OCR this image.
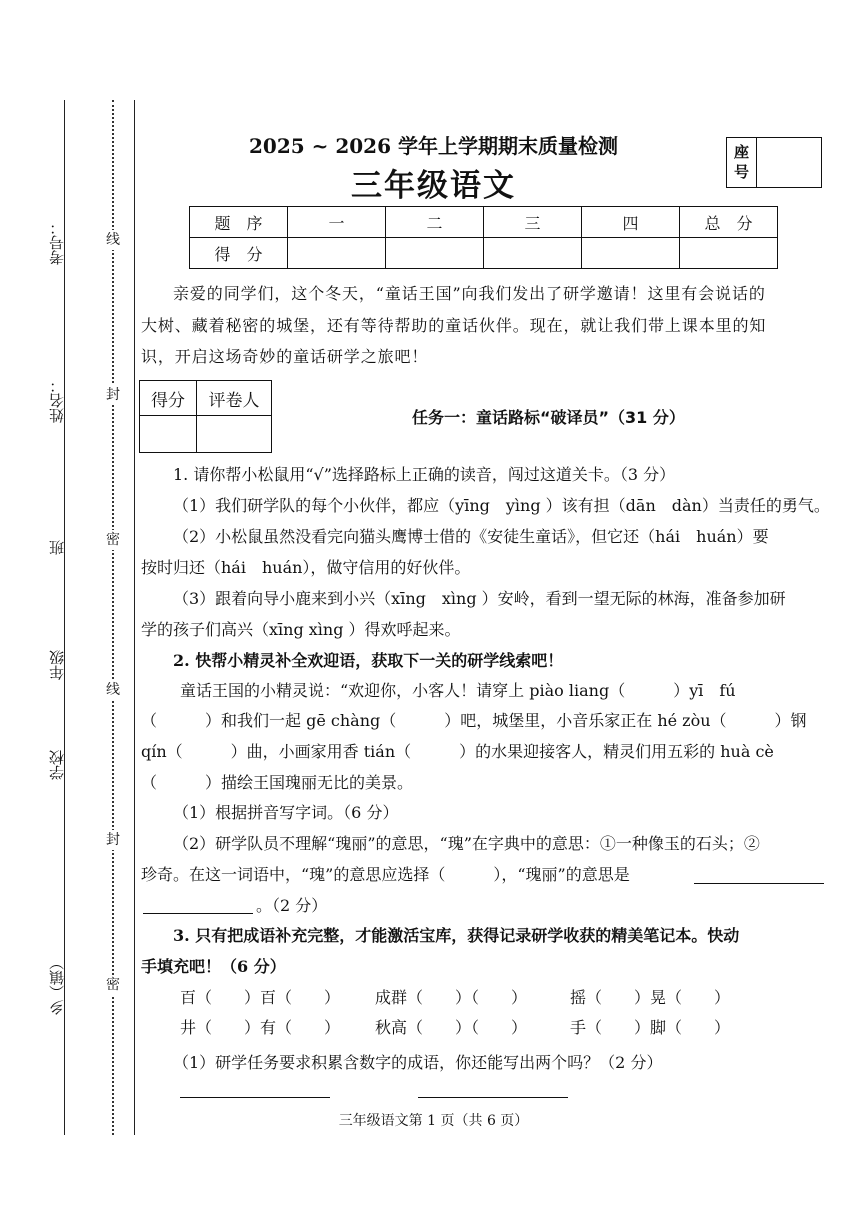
考号：
姓名：
班
年级
学校
乡（镇）
线
封
密
线
封
密
2025 ~ 2026 学年上学期期末质量检测
三年级语文
座号
题　序	一	二	三	四	总　分
得　分					
亲爱的同学们，这个冬天，“童话王国”向我们发出了研学邀请！这里有会说话的
大树、藏着秘密的城堡，还有等待帮助的童话伙伴。现在，就让我们带上课本里的知
识，开启这场奇妙的童话研学之旅吧！
得分	评卷人

任务一：童话路标“破译员”（31 分）
1. 请你帮小松鼠用“√”选择路标上正确的读音，闯过这道关卡。（3 分）
（1）我们研学队的每个小伙伴，都应（yīng　yìng ）该有担（dān　dàn）当责任的勇气。
（2）小松鼠虽然没看完向猫头鹰博士借的《安徒生童话》，但它还（hái　huán）要
按时归还（hái　huán），做守信用的好伙伴。
（3）跟着向导小鹿来到小兴（xīng　xìng ）安岭，看到一望无际的林海，准备参加研
学的孩子们高兴（xīng xìng ）得欢呼起来。
2. 快帮小精灵补全欢迎语，获取下一关的研学线索吧！
童话王国的小精灵说：“欢迎你，小客人！请穿上 piào liang（　　　）yī　fú
（　　　）和我们一起 gē chàng（　　　）吧，城堡里，小音乐家正在 hé zòu（　　　）钢
qín（　　　）曲，小画家用香 tián（　　　）的水果迎接客人，精灵们用五彩的 huà cè
（　　　）描绘王国瑰丽无比的美景。
（1）根据拼音写字词。（6 分）
（2）研学队员不理解“瑰丽”的意思，“瑰”在字典中的意思：①一种像玉的石头；②
珍奇。在这一词语中，“瑰”的意思应选择（　　　），“瑰丽”的意思是
。（2 分）
3. 只有把成语补充完整，才能激活宝库，获得记录研学收获的精美笔记本。快动
手填充吧！（6 分）
百（　　）百（　　） 成群（　　）（　　）	摇（　　）晃（　　）
井（　　）有（　　） 秋高（　　）（　　）	手（　　）脚（　　）
（1）研学任务要求积累含数字的成语，你还能写出两个吗？（2 分）
三年级语文第 1 页（共 6 页）
